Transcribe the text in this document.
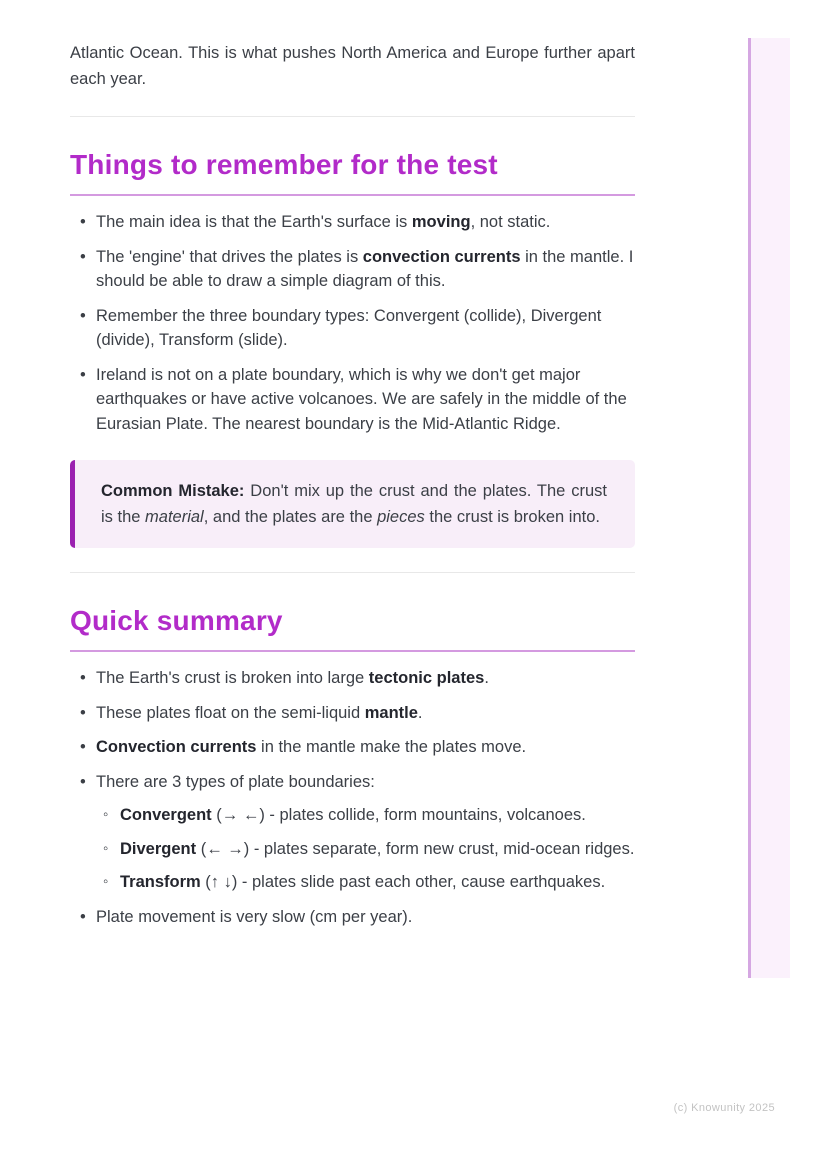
Atlantic Ocean. This is what pushes North America and Europe further apart each year.

Things to remember for the test
• The main idea is that the Earth's surface is moving, not static.
• The 'engine' that drives the plates is convection currents in the mantle. I should be able to draw a simple diagram of this.
• Remember the three boundary types: Convergent (collide), Divergent (divide), Transform (slide).
• Ireland is not on a plate boundary, which is why we don't get major earthquakes or have active volcanoes. We are safely in the middle of the Eurasian Plate. The nearest boundary is the Mid-Atlantic Ridge.
Common Mistake: Don't mix up the crust and the plates. The crust is the material, and the plates are the pieces the crust is broken into.
Quick summary
• The Earth's crust is broken into large tectonic plates.
• These plates float on the semi-liquid mantle.
• Convection currents in the mantle make the plates move.
• There are 3 types of plate boundaries:
◦ Convergent (→ ←) - plates collide, form mountains, volcanoes.
◦ Divergent (← →) - plates separate, form new crust, mid-ocean ridges.
◦ Transform (↑ ↓) - plates slide past each other, cause earthquakes.
• Plate movement is very slow (cm per year).
(c) Knowunity 2025
